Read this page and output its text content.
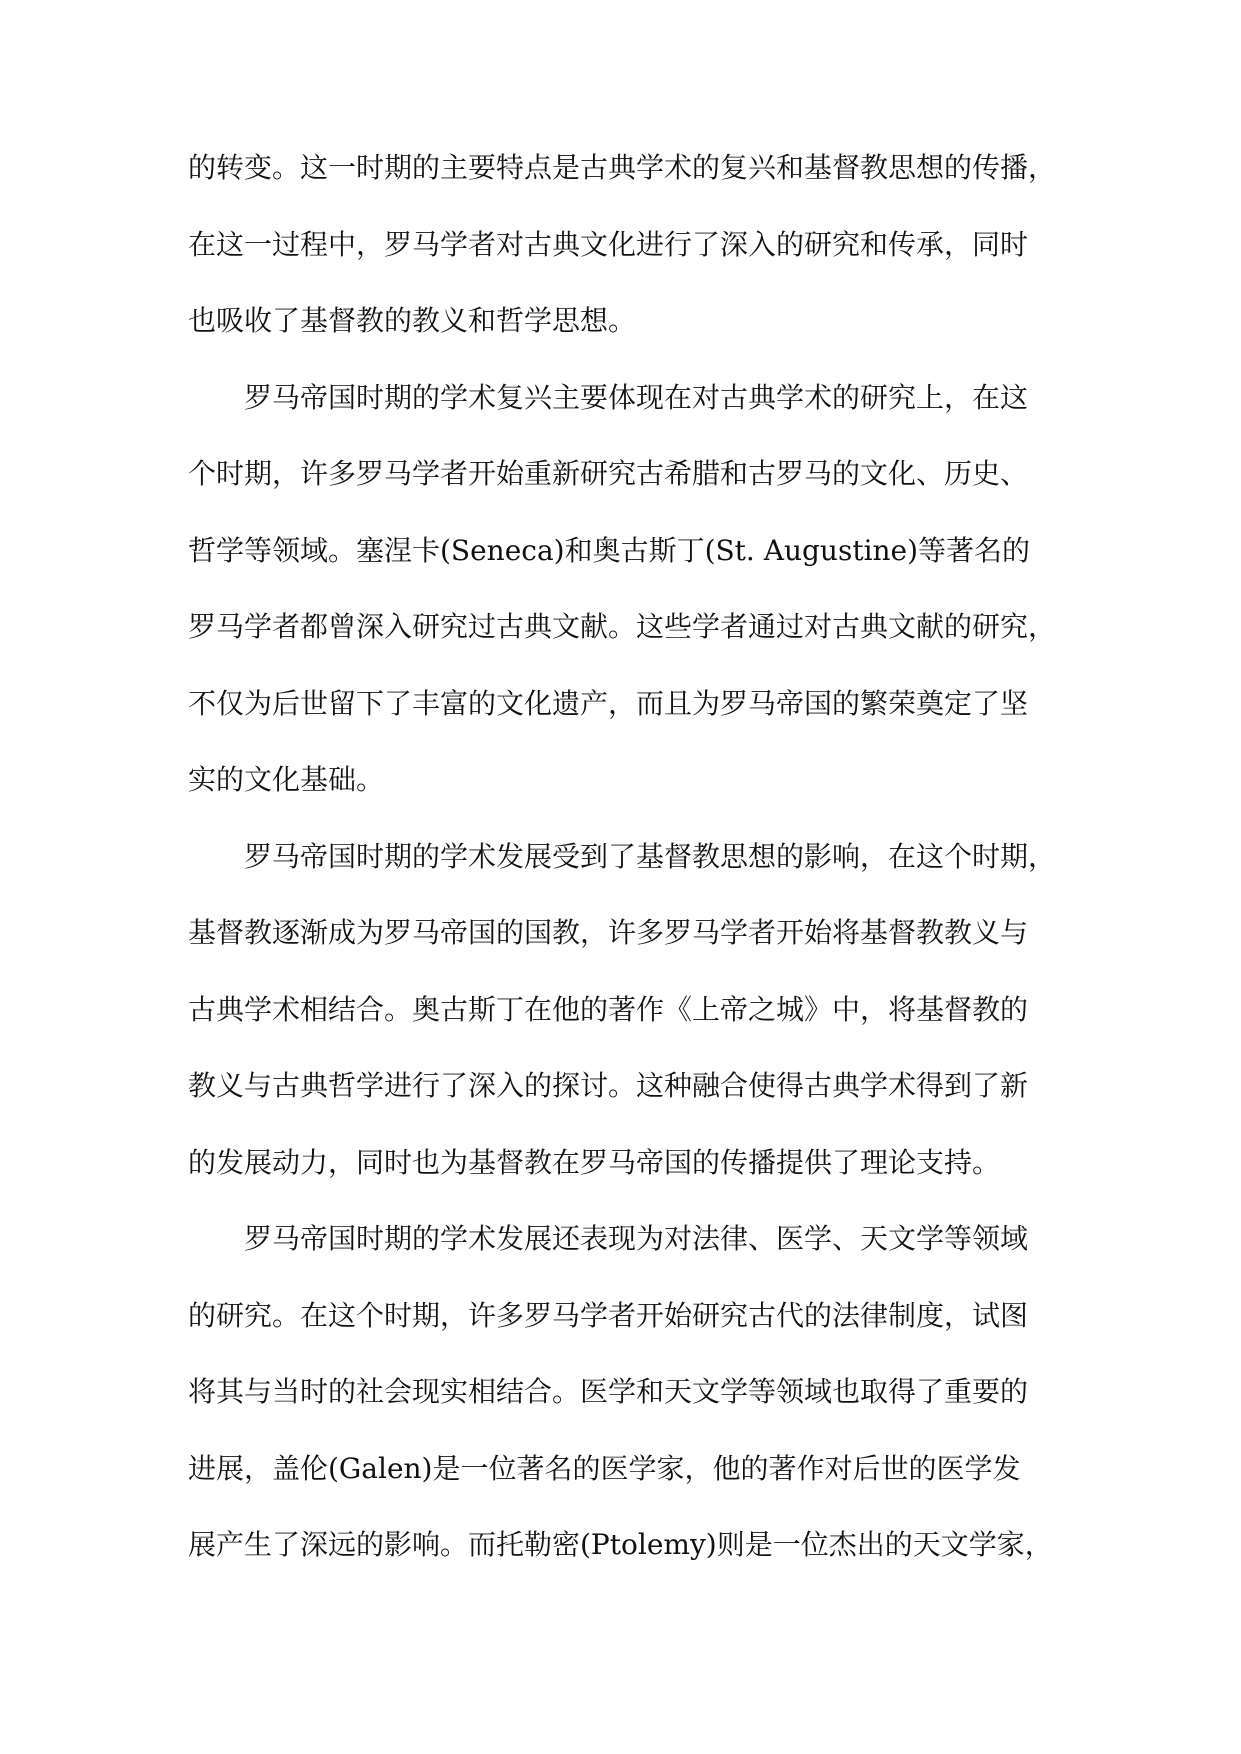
的转变。这一时期的主要特点是古典学术的复兴和基督教思想的传播，
在这一过程中，罗马学者对古典文化进行了深入的研究和传承，同时
也吸收了基督教的教义和哲学思想。
罗马帝国时期的学术复兴主要体现在对古典学术的研究上，在这
个时期，许多罗马学者开始重新研究古希腊和古罗马的文化、历史、
哲学等领域。塞涅卡(Seneca)和奥古斯丁(St. Augustine)等著名的
罗马学者都曾深入研究过古典文献。这些学者通过对古典文献的研究，
不仅为后世留下了丰富的文化遗产，而且为罗马帝国的繁荣奠定了坚
实的文化基础。
罗马帝国时期的学术发展受到了基督教思想的影响，在这个时期，
基督教逐渐成为罗马帝国的国教，许多罗马学者开始将基督教教义与
古典学术相结合。奥古斯丁在他的著作《上帝之城》中，将基督教的
教义与古典哲学进行了深入的探讨。这种融合使得古典学术得到了新
的发展动力，同时也为基督教在罗马帝国的传播提供了理论支持。
罗马帝国时期的学术发展还表现为对法律、医学、天文学等领域
的研究。在这个时期，许多罗马学者开始研究古代的法律制度，试图
将其与当时的社会现实相结合。医学和天文学等领域也取得了重要的
进展，盖伦(Galen)是一位著名的医学家，他的著作对后世的医学发
展产生了深远的影响。而托勒密(Ptolemy)则是一位杰出的天文学家，
